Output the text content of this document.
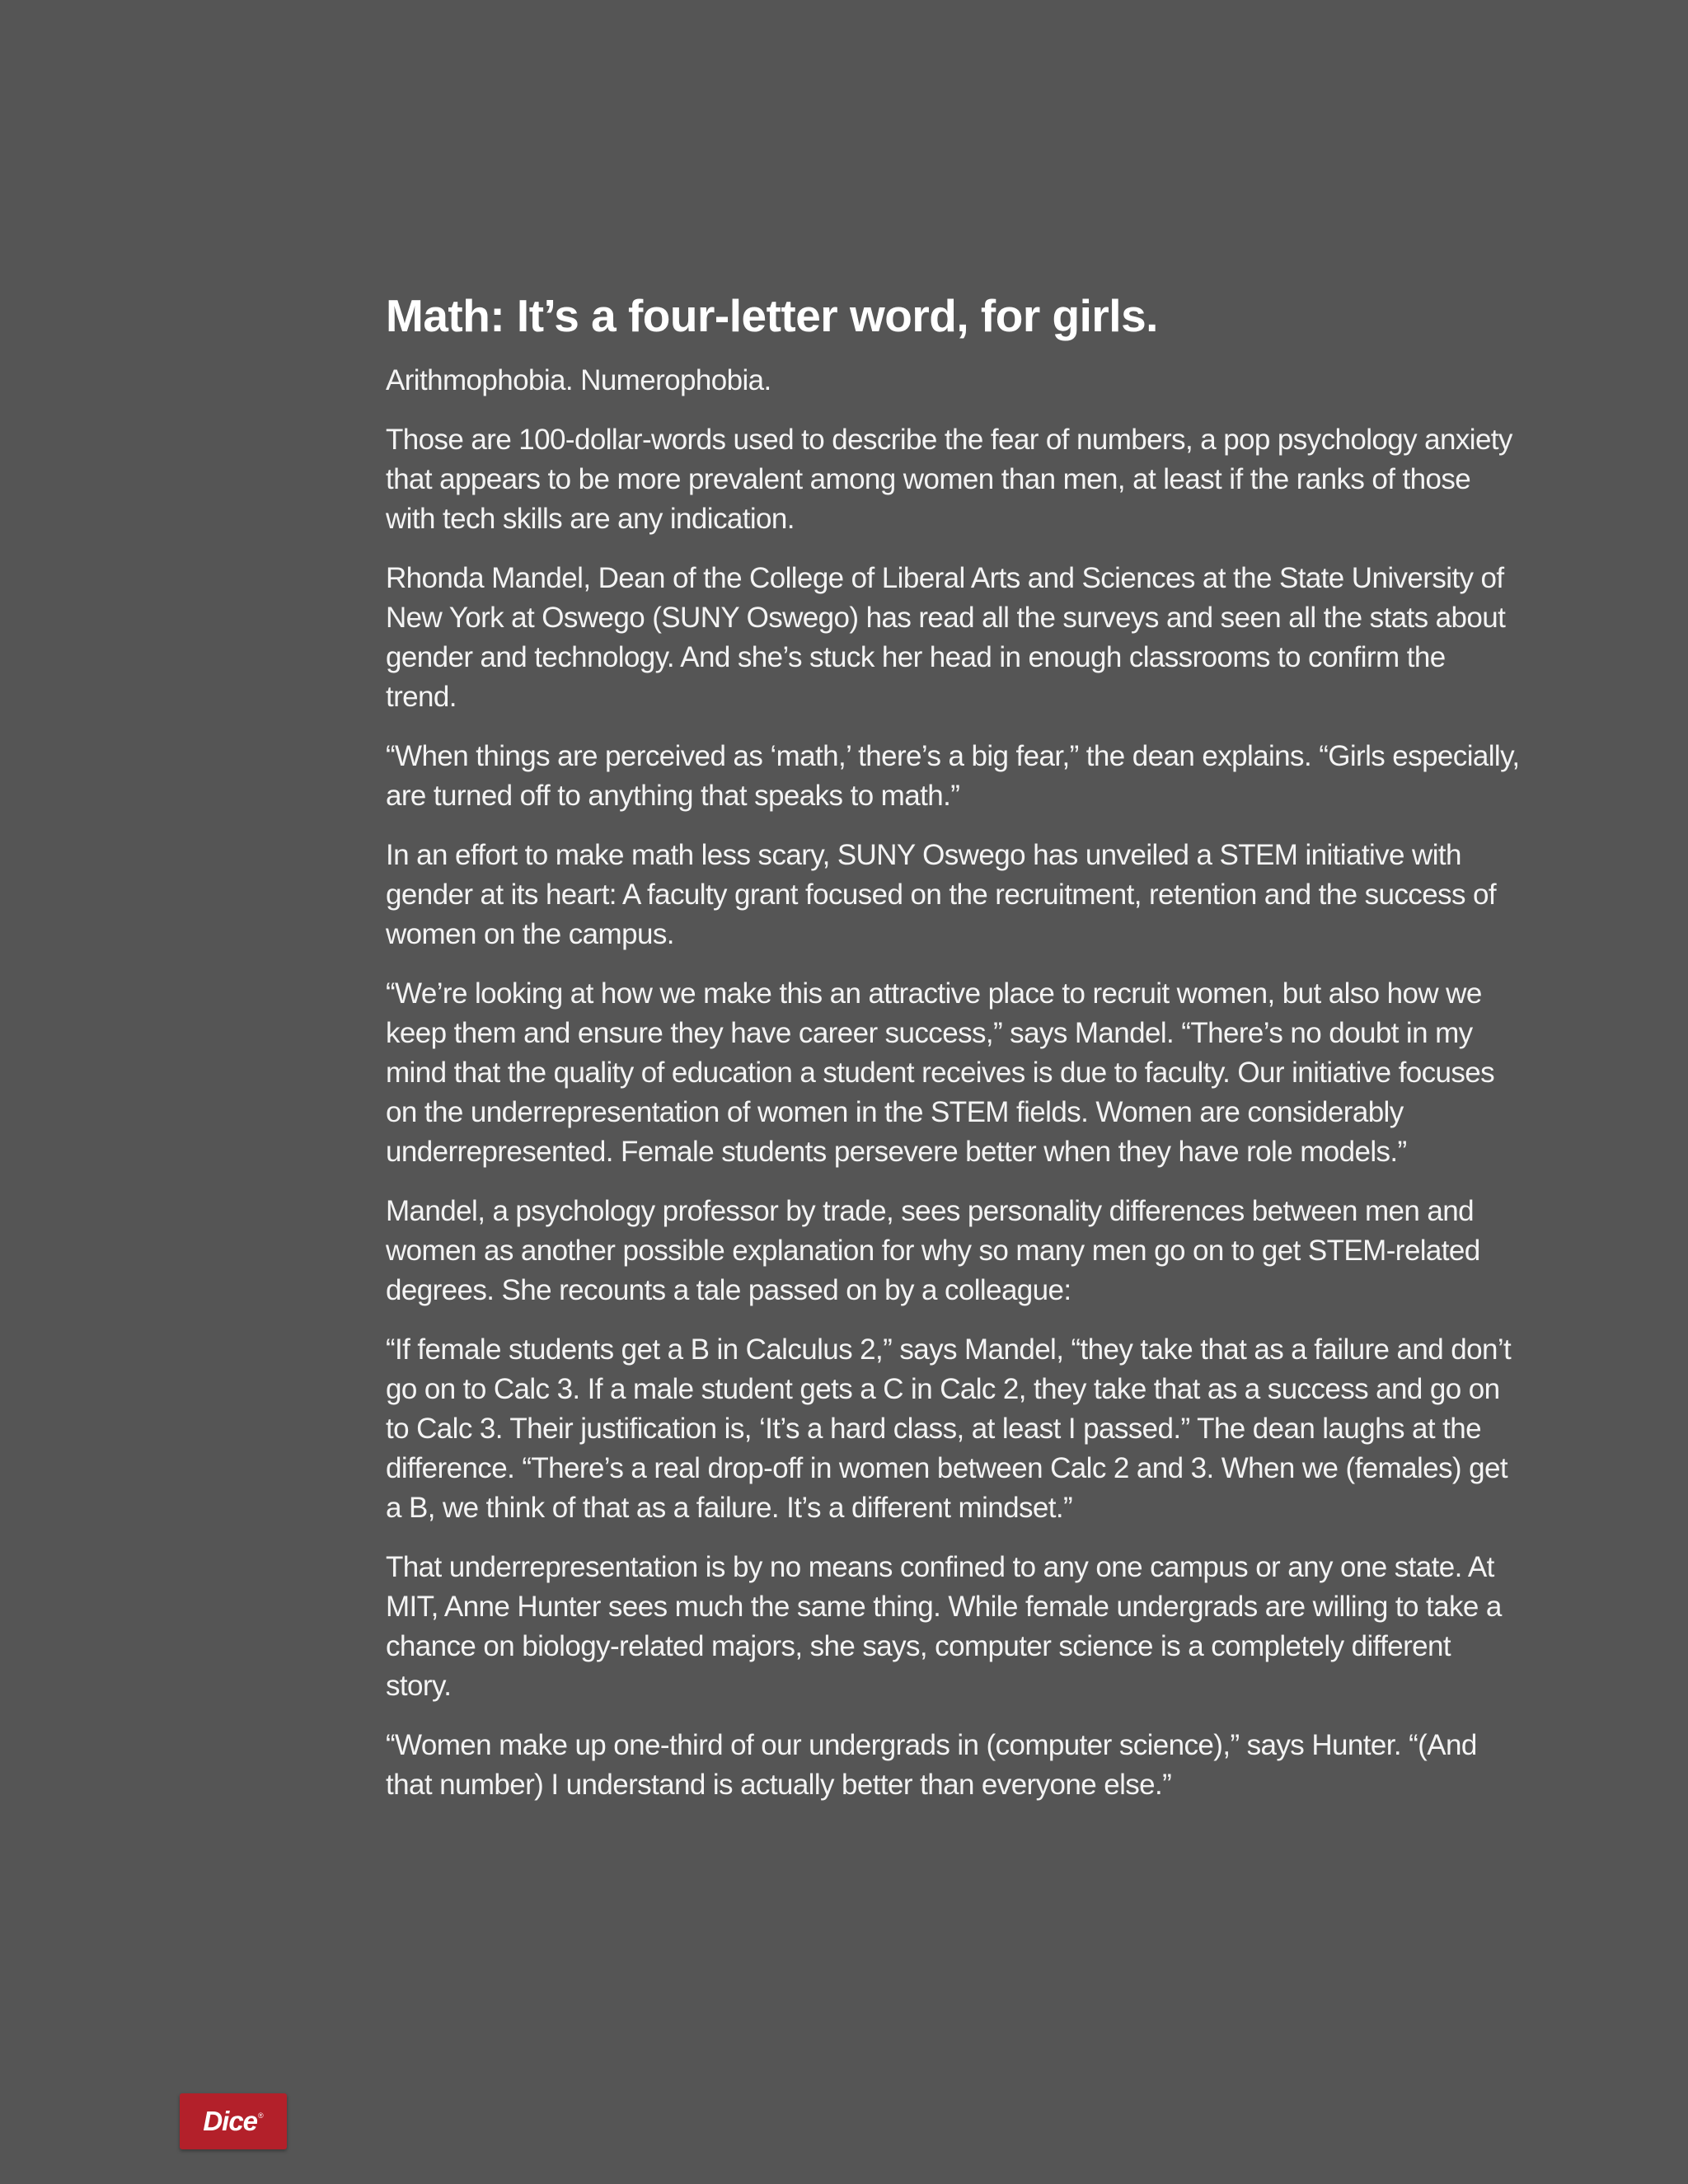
Math: It’s a four-letter word, for girls.

Arithmophobia. Numerophobia.

Those are 100-dollar-words used to describe the fear of numbers, a pop psychology anxiety that appears to be more prevalent among women than men, at least if the ranks of those with tech skills are any indication.

Rhonda Mandel, Dean of the College of Liberal Arts and Sciences at the State University of New York at Oswego (SUNY Oswego) has read all the surveys and seen all the stats about gender and technology. And she’s stuck her head in enough classrooms to confirm the trend.

“When things are perceived as ‘math,’ there’s a big fear,” the dean explains. “Girls especially, are turned off to anything that speaks to math.”

In an effort to make math less scary, SUNY Oswego has unveiled a STEM initiative with gender at its heart: A faculty grant focused on the recruitment, retention and the success of women on the campus.

“We’re looking at how we make this an attractive place to recruit women, but also how we keep them and ensure they have career success,” says Mandel. “There’s no doubt in my mind that the quality of education a student receives is due to faculty. Our initiative focuses on the underrepresentation of women in the STEM fields. Women are considerably underrepresented. Female students persevere better when they have role models.”

Mandel, a psychology professor by trade, sees personality differences between men and women as another possible explanation for why so many men go on to get STEM-related degrees. She recounts a tale passed on by a colleague:

“If female students get a B in Calculus 2,” says Mandel, “they take that as a failure and don’t go on to Calc 3. If a male student gets a C in Calc 2, they take that as a success and go on to Calc 3. Their justification is, ‘It’s a hard class, at least I passed.” The dean laughs at the difference. “There’s a real drop-off in women between Calc 2 and 3. When we (females) get a B, we think of that as a failure. It’s a different mindset.”

That underrepresentation is by no means confined to any one campus or any one state. At MIT, Anne Hunter sees much the same thing. While female undergrads are willing to take a chance on biology-related majors, she says, computer science is a completely different story.

“Women make up one-third of our undergrads in (computer science),” says Hunter. “(And that number) I understand is actually better than everyone else.”

Dice®
